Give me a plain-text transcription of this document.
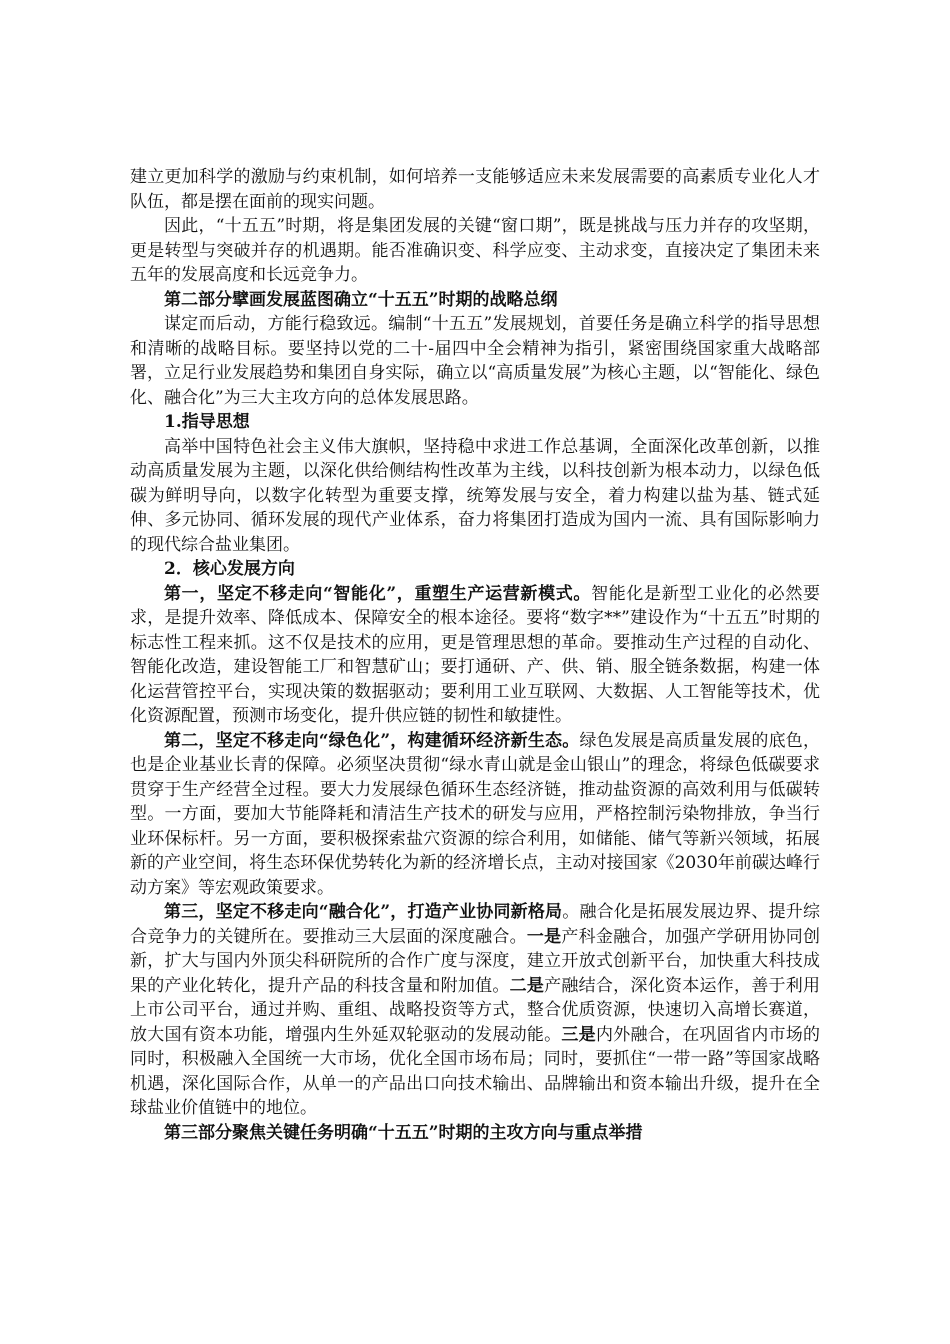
建立更加科学的激励与约束机制，如何培养一支能够适应未来发展需要的高素质专业化人才队伍，都是摆在面前的现实问题。

因此，“十五五”时期，将是集团发展的关键“窗口期”，既是挑战与压力并存的攻坚期，更是转型与突破并存的机遇期。能否准确识变、科学应变、主动求变，直接决定了集团未来五年的发展高度和长远竞争力。

第二部分擘画发展蓝图确立“十五五”时期的战略总纲

谋定而后动，方能行稳致远。编制“十五五”发展规划，首要任务是确立科学的指导思想和清晰的战略目标。要坚持以党的二十-届四中全会精神为指引，紧密围绕国家重大战略部署，立足行业发展趋势和集团自身实际，确立以“高质量发展”为核心主题，以“智能化、绿色化、融合化”为三大主攻方向的总体发展思路。

1.指导思想

高举中国特色社会主义伟大旗帜，坚持稳中求进工作总基调，全面深化改革创新，以推动高质量发展为主题，以深化供给侧结构性改革为主线，以科技创新为根本动力，以绿色低碳为鲜明导向，以数字化转型为重要支撑，统筹发展与安全，着力构建以盐为基、链式延伸、多元协同、循环发展的现代产业体系，奋力将集团打造成为国内一流、具有国际影响力的现代综合盐业集团。

2．核心发展方向

第一，坚定不移走向“智能化”，重塑生产运营新模式。智能化是新型工业化的必然要求，是提升效率、降低成本、保障安全的根本途径。要将“数字**”建设作为“十五五”时期的标志性工程来抓。这不仅是技术的应用，更是管理思想的革命。要推动生产过程的自动化、智能化改造，建设智能工厂和智慧矿山；要打通研、产、供、销、服全链条数据，构建一体化运营管控平台，实现决策的数据驱动；要利用工业互联网、大数据、人工智能等技术，优化资源配置，预测市场变化，提升供应链的韧性和敏捷性。

第二，坚定不移走向“绿色化”，构建循环经济新生态。绿色发展是高质量发展的底色，也是企业基业长青的保障。必须坚决贯彻“绿水青山就是金山银山”的理念，将绿色低碳要求贯穿于生产经营全过程。要大力发展绿色循环生态经济链，推动盐资源的高效利用与低碳转型。一方面，要加大节能降耗和清洁生产技术的研发与应用，严格控制污染物排放，争当行业环保标杆。另一方面，要积极探索盐穴资源的综合利用，如储能、储气等新兴领域，拓展新的产业空间，将生态环保优势转化为新的经济增长点，主动对接国家《2030年前碳达峰行动方案》等宏观政策要求。

第三，坚定不移走向“融合化”，打造产业协同新格局。融合化是拓展发展边界、提升综合竞争力的关键所在。要推动三大层面的深度融合。一是产科金融合，加强产学研用协同创新，扩大与国内外顶尖科研院所的合作广度与深度，建立开放式创新平台，加快重大科技成果的产业化转化，提升产品的科技含量和附加值。二是产融结合，深化资本运作，善于利用上市公司平台，通过并购、重组、战略投资等方式，整合优质资源，快速切入高增长赛道，放大国有资本功能，增强内生外延双轮驱动的发展动能。三是内外融合，在巩固省内市场的同时，积极融入全国统一大市场，优化全国市场布局；同时，要抓住“一带一路”等国家战略机遇，深化国际合作，从单一的产品出口向技术输出、品牌输出和资本输出升级，提升在全球盐业价值链中的地位。

第三部分聚焦关键任务明确“十五五”时期的主攻方向与重点举措
